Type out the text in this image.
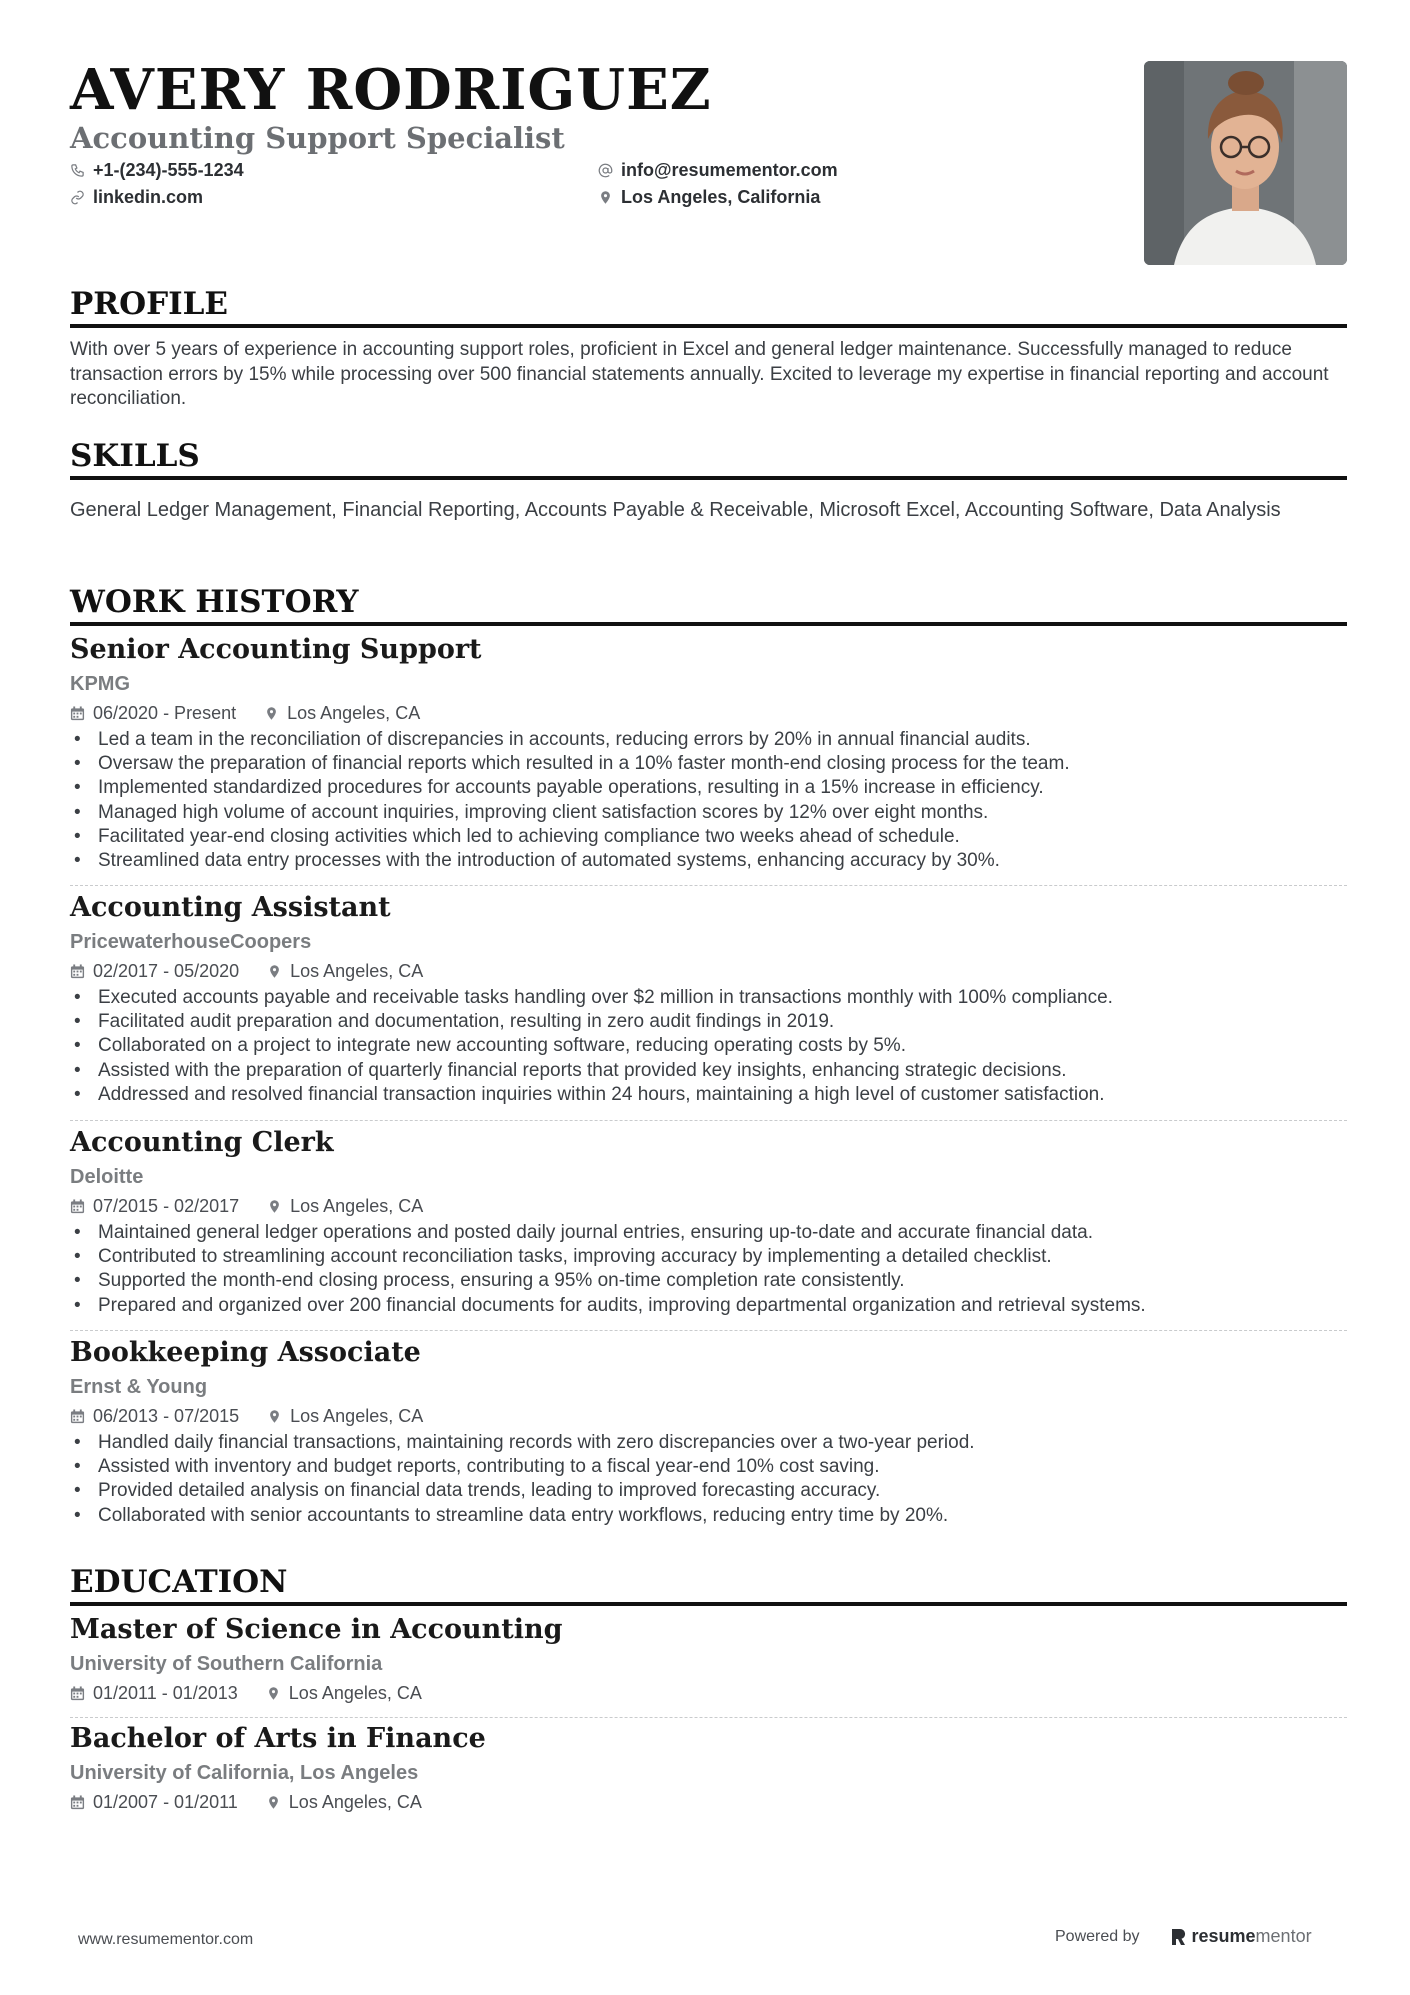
AVERY RODRIGUEZ
Accounting Support Specialist
+1-(234)-555-1234	info@resumementor.com
linkedin.com	Los Angeles, California
PROFILE

With over 5 years of experience in accounting support roles, proficient in Excel and general ledger maintenance. Successfully managed to reduce transaction errors by 15% while processing over 500 financial statements annually. Excited to leverage my expertise in financial reporting and account reconciliation.

SKILLS

General Ledger Management, Financial Reporting, Accounts Payable & Receivable, Microsoft Excel, Accounting Software, Data Analysis

WORK HISTORY
Senior Accounting Support
KPMG
06/2020 - Present	Los Angeles, CA
• Led a team in the reconciliation of discrepancies in accounts, reducing errors by 20% in annual financial audits.
• Oversaw the preparation of financial reports which resulted in a 10% faster month-end closing process for the team.
• Implemented standardized procedures for accounts payable operations, resulting in a 15% increase in efficiency.
• Managed high volume of account inquiries, improving client satisfaction scores by 12% over eight months.
• Facilitated year-end closing activities which led to achieving compliance two weeks ahead of schedule.
• Streamlined data entry processes with the introduction of automated systems, enhancing accuracy by 30%.
Accounting Assistant
PricewaterhouseCoopers
02/2017 - 05/2020	Los Angeles, CA
• Executed accounts payable and receivable tasks handling over $2 million in transactions monthly with 100% compliance.
• Facilitated audit preparation and documentation, resulting in zero audit findings in 2019.
• Collaborated on a project to integrate new accounting software, reducing operating costs by 5%.
• Assisted with the preparation of quarterly financial reports that provided key insights, enhancing strategic decisions.
• Addressed and resolved financial transaction inquiries within 24 hours, maintaining a high level of customer satisfaction.
Accounting Clerk
Deloitte
07/2015 - 02/2017	Los Angeles, CA
• Maintained general ledger operations and posted daily journal entries, ensuring up-to-date and accurate financial data.
• Contributed to streamlining account reconciliation tasks, improving accuracy by implementing a detailed checklist.
• Supported the month-end closing process, ensuring a 95% on-time completion rate consistently.
• Prepared and organized over 200 financial documents for audits, improving departmental organization and retrieval systems.
Bookkeeping Associate
Ernst & Young
06/2013 - 07/2015	Los Angeles, CA
• Handled daily financial transactions, maintaining records with zero discrepancies over a two-year period.
• Assisted with inventory and budget reports, contributing to a fiscal year-end 10% cost saving.
• Provided detailed analysis on financial data trends, leading to improved forecasting accuracy.
• Collaborated with senior accountants to streamline data entry workflows, reducing entry time by 20%.
EDUCATION
Master of Science in Accounting
University of Southern California
01/2011 - 01/2013	Los Angeles, CA
Bachelor of Arts in Finance
University of California, Los Angeles
01/2007 - 01/2011	Los Angeles, CA
www.resumementor.com	Powered by	resumementor
